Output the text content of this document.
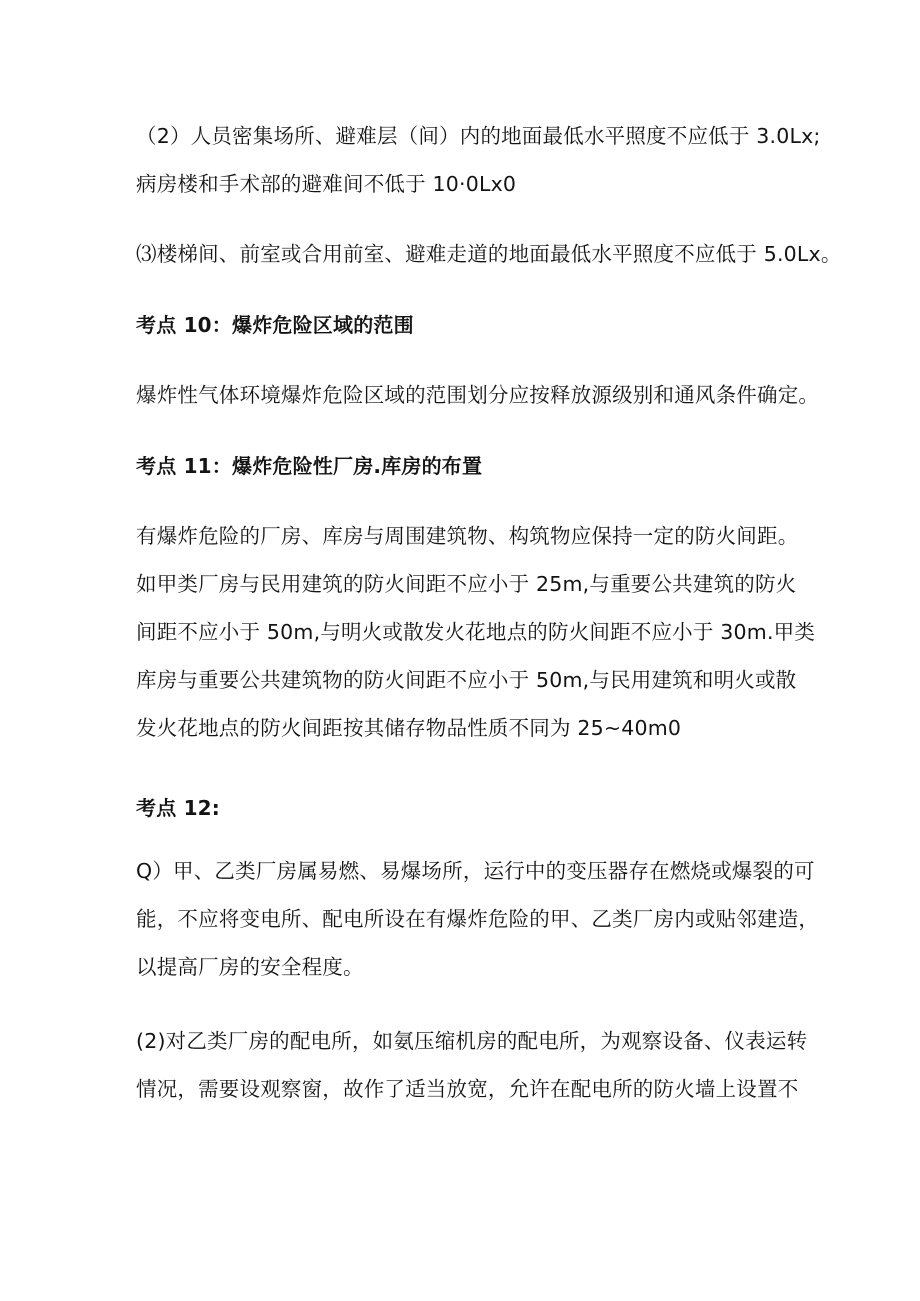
（2）人员密集场所、避难层（间）内的地面最低水平照度不应低于 3.0Lx;
病房楼和手术部的避难间不低于 10·0Lx0
⑶楼梯间、前室或合用前室、避难走道的地面最低水平照度不应低于 5.0Lx。
考点 10：爆炸危险区域的范围
爆炸性气体环境爆炸危险区域的范围划分应按释放源级别和通风条件确定。
考点 11：爆炸危险性厂房.库房的布置
有爆炸危险的厂房、库房与周围建筑物、构筑物应保持一定的防火间距。
如甲类厂房与民用建筑的防火间距不应小于 25m,与重要公共建筑的防火
间距不应小于 50m,与明火或散发火花地点的防火间距不应小于 30m.甲类
库房与重要公共建筑物的防火间距不应小于 50m,与民用建筑和明火或散
发火花地点的防火间距按其储存物品性质不同为 25~40m0
考点 12:
Q）甲、乙类厂房属易燃、易爆场所，运行中的变压器存在燃烧或爆裂的可
能，不应将变电所、配电所设在有爆炸危险的甲、乙类厂房内或贴邻建造，
以提高厂房的安全程度。
(2)对乙类厂房的配电所，如氨压缩机房的配电所，为观察设备、仪表运转
情况，需要设观察窗，故作了适当放宽，允许在配电所的防火墙上设置不
